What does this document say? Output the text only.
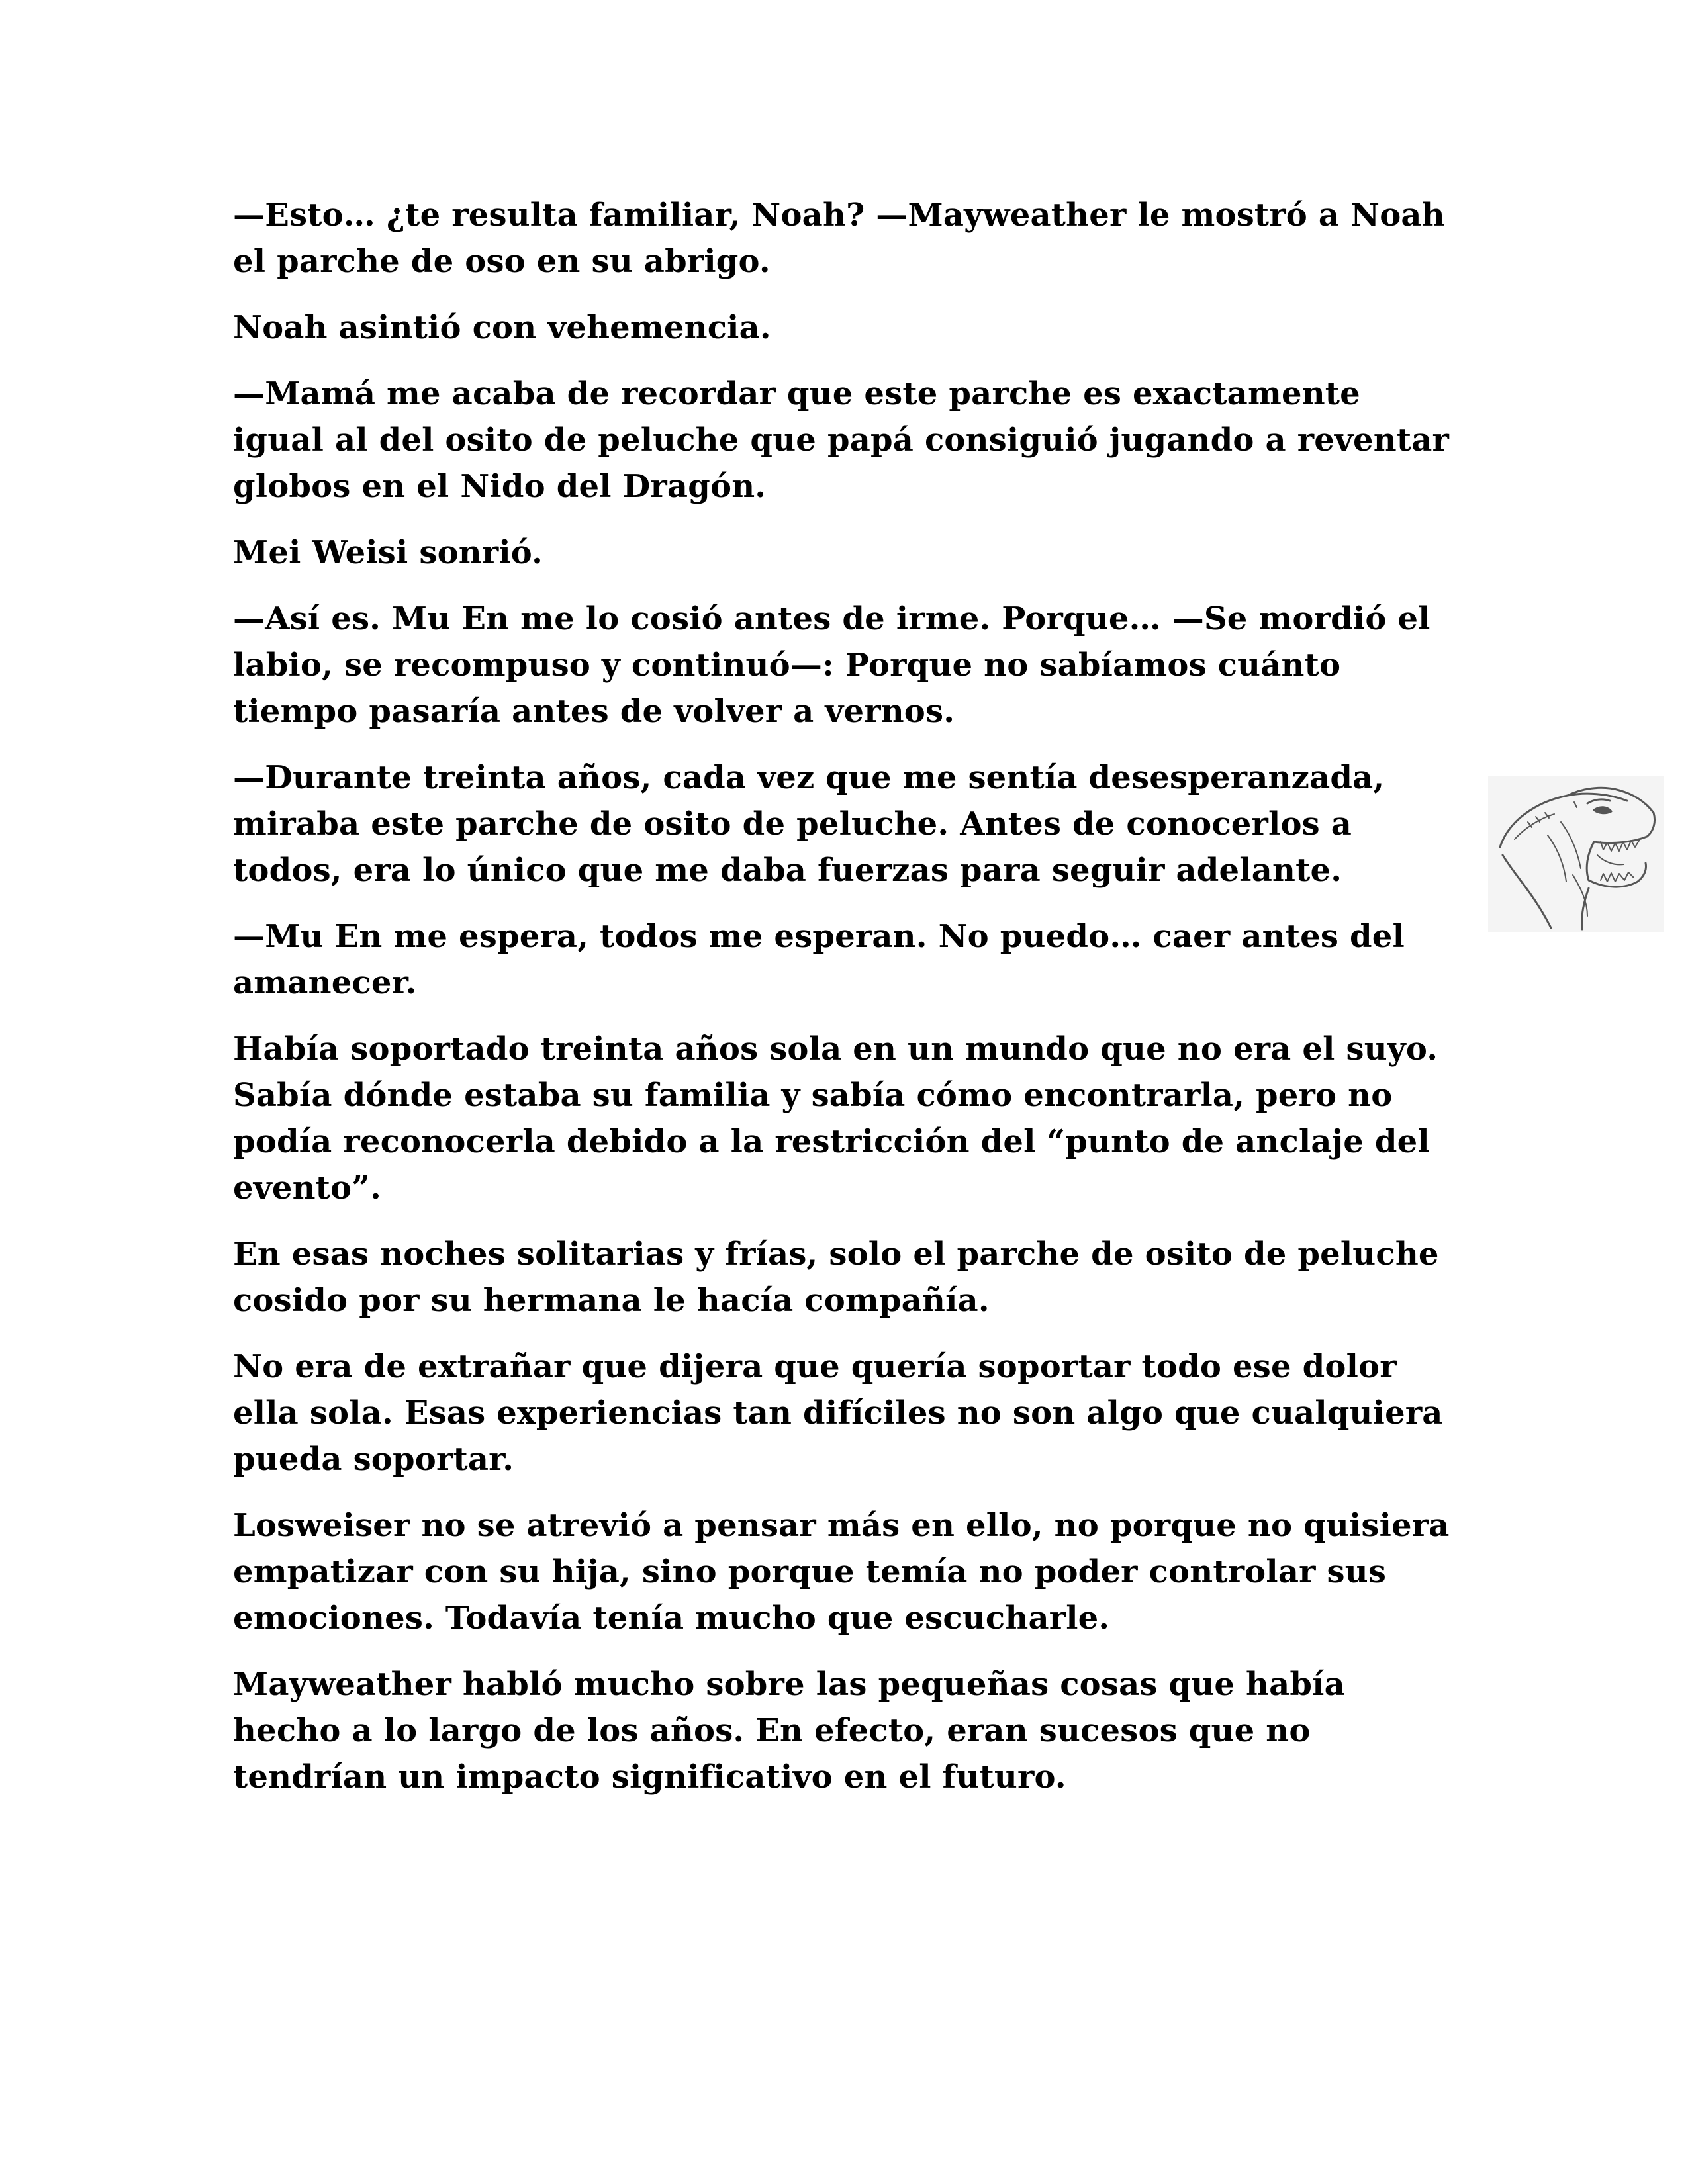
—Esto… ¿te resulta familiar, Noah? —Mayweather le mostró a Noah el parche de oso en su abrigo.

Noah asintió con vehemencia.

—Mamá me acaba de recordar que este parche es exactamente igual al del osito de peluche que papá consiguió jugando a reventar globos en el Nido del Dragón.

Mei Weisi sonrió.

—Así es. Mu En me lo cosió antes de irme. Porque… —Se mordió el labio, se recompuso y continuó—: Porque no sabíamos cuánto tiempo pasaría antes de volver a vernos.

—Durante treinta años, cada vez que me sentía desesperanzada, miraba este parche de osito de peluche. Antes de conocerlos a todos, era lo único que me daba fuerzas para seguir adelante.

—Mu En me espera, todos me esperan. No puedo… caer antes del amanecer.

Había soportado treinta años sola en un mundo que no era el suyo. Sabía dónde estaba su familia y sabía cómo encontrarla, pero no podía reconocerla debido a la restricción del “punto de anclaje del evento”.

En esas noches solitarias y frías, solo el parche de osito de peluche cosido por su hermana le hacía compañía.

No era de extrañar que dijera que quería soportar todo ese dolor ella sola. Esas experiencias tan difíciles no son algo que cualquiera pueda soportar.

Losweiser no se atrevió a pensar más en ello, no porque no quisiera empatizar con su hija, sino porque temía no poder controlar sus emociones. Todavía tenía mucho que escucharle.

Mayweather habló mucho sobre las pequeñas cosas que había hecho a lo largo de los años. En efecto, eran sucesos que no tendrían un impacto significativo en el futuro.
